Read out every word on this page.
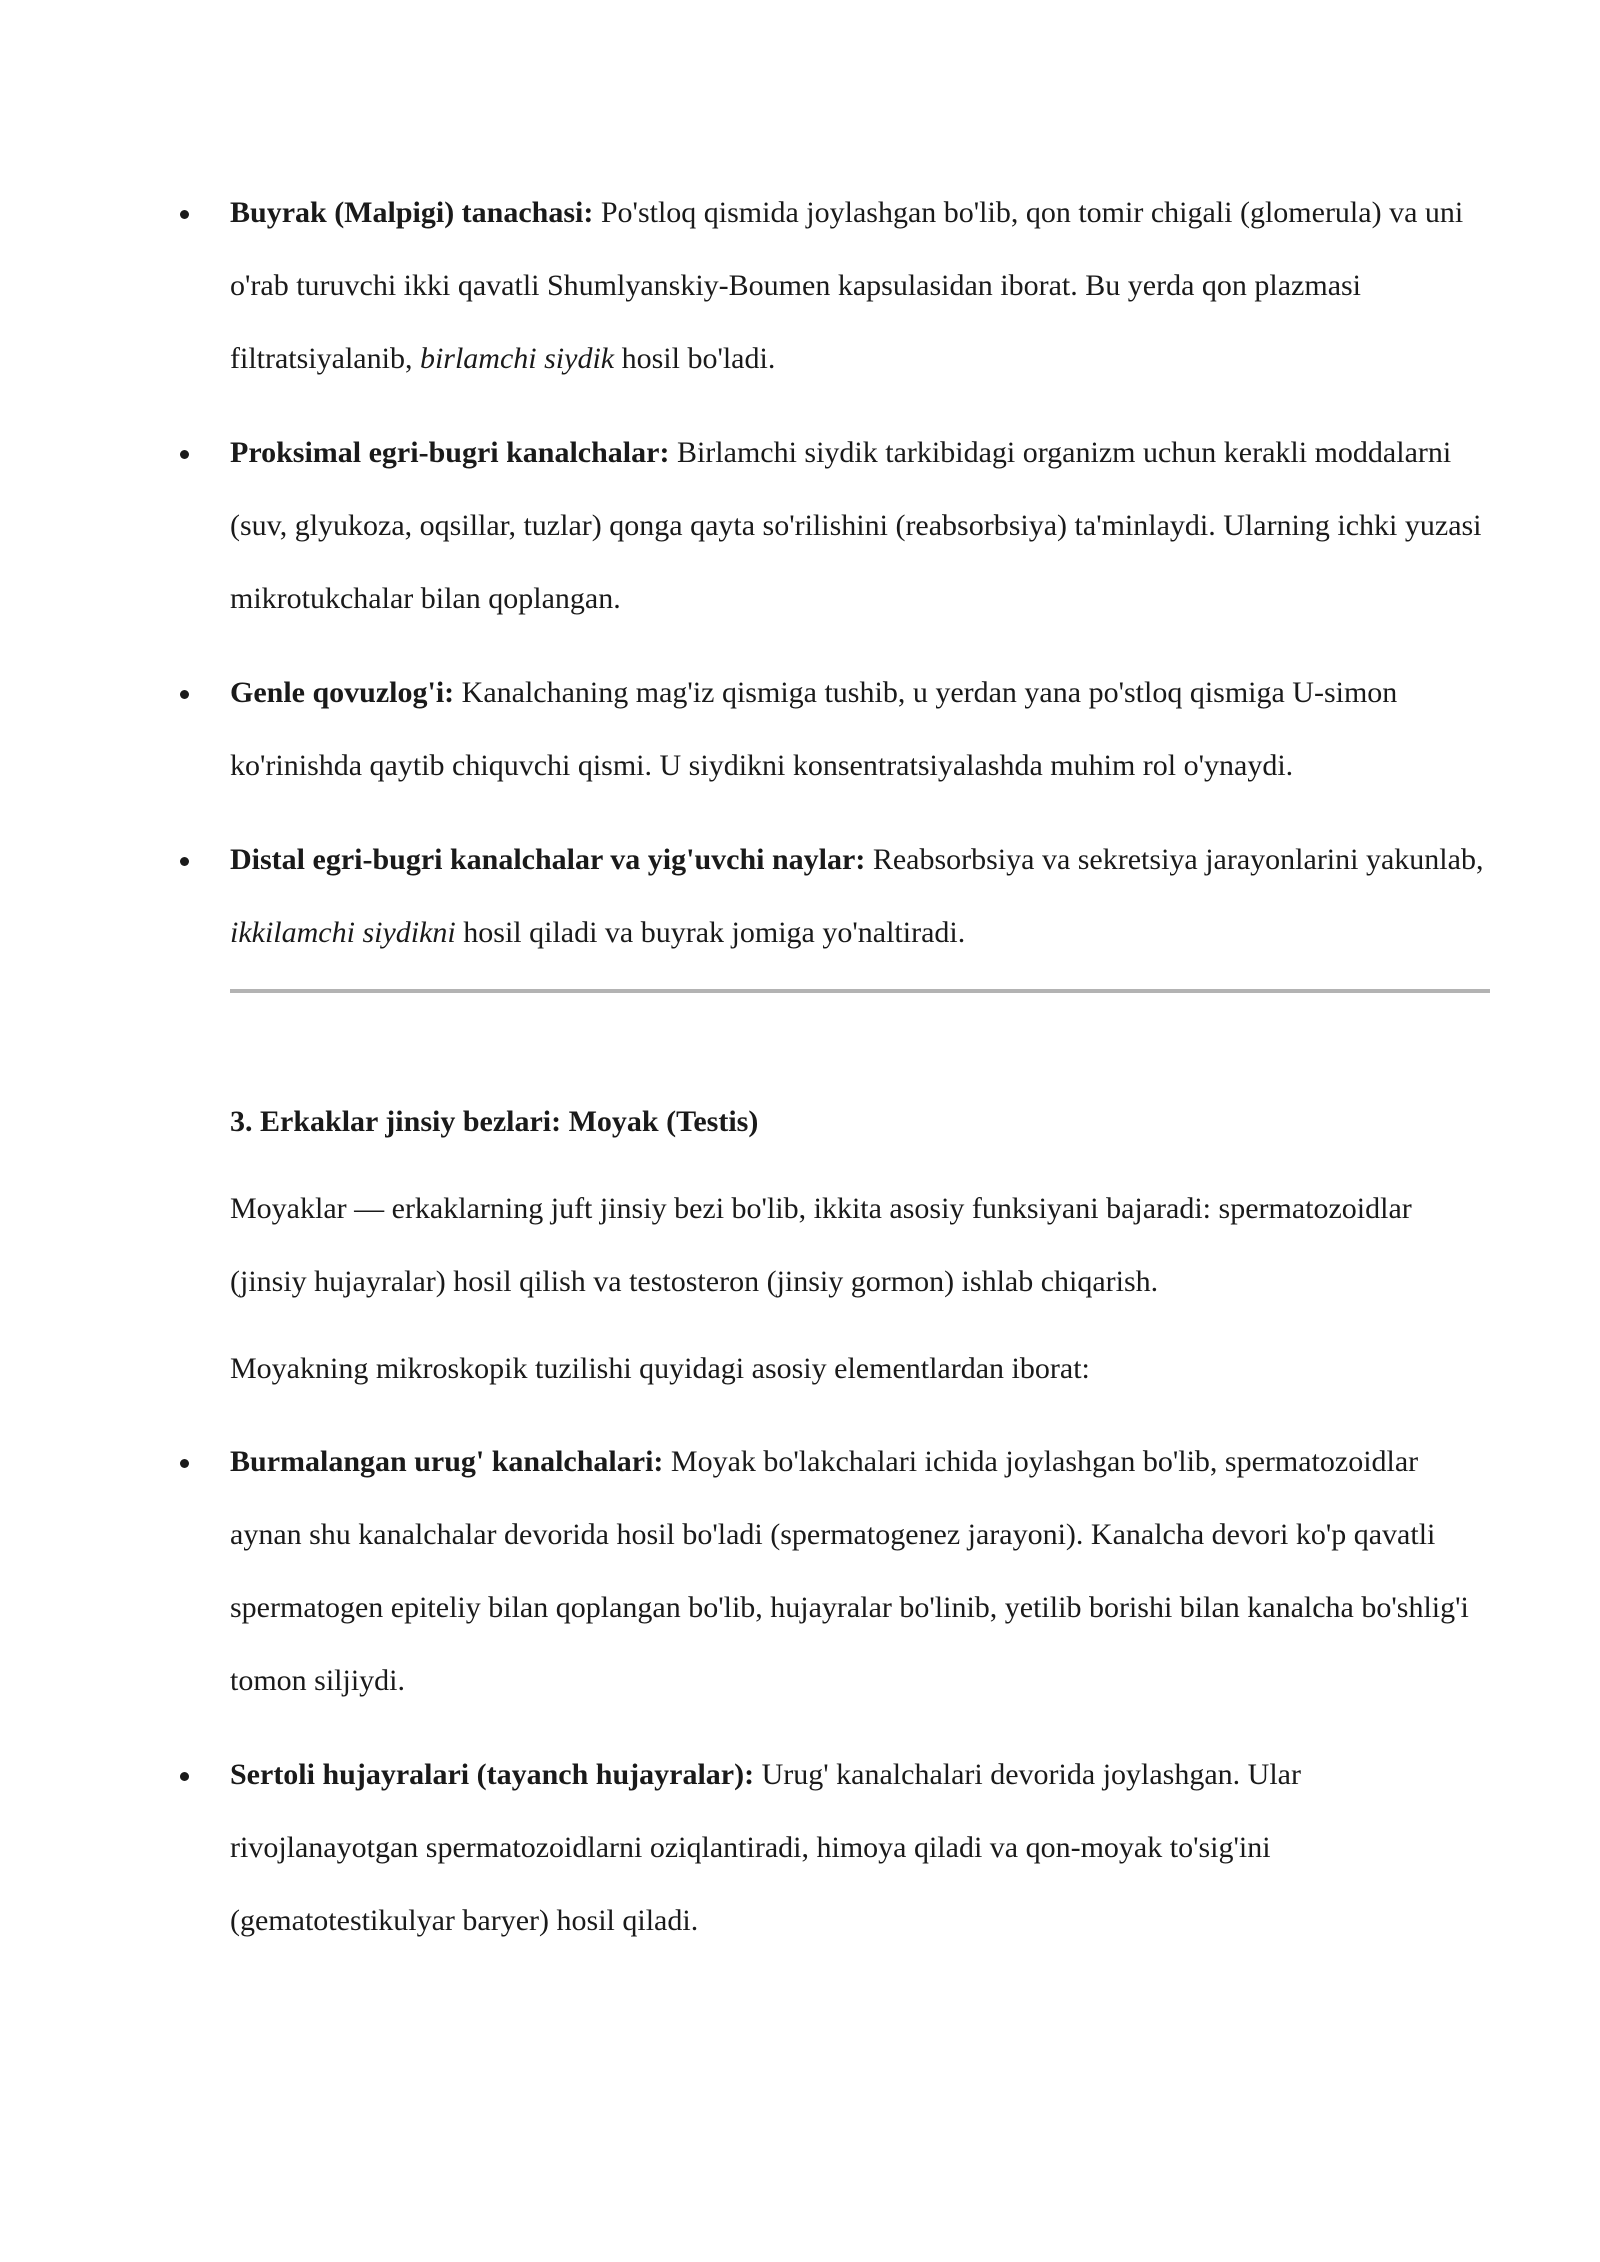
Buyrak (Malpigi) tanachasi: Po'stloq qismida joylashgan bo'lib, qon tomir chigali (glomerula) va uni o'rab turuvchi ikki qavatli Shumlyanskiy-Boumen kapsulasidan iborat. Bu yerda qon plazmasi filtratsiyalanib, birlamchi siydik hosil bo'ladi.
Proksimal egri-bugri kanalchalar: Birlamchi siydik tarkibidagi organizm uchun kerakli moddalarni (suv, glyukoza, oqsillar, tuzlar) qonga qayta so'rilishini (reabsorbsiya) ta'minlaydi. Ularning ichki yuzasi mikrotukchalar bilan qoplangan.
Genle qovuzlog'i: Kanalchaning mag'iz qismiga tushib, u yerdan yana po'stloq qismiga U-simon ko'rinishda qaytib chiquvchi qismi. U siydikni konsentratsiyalashda muhim rol o'ynaydi.
Distal egri-bugri kanalchalar va yig'uvchi naylar: Reabsorbsiya va sekretsiya jarayonlarini yakunlab, ikkilamchi siydikni hosil qiladi va buyrak jomiga yo'naltiradi.
3. Erkaklar jinsiy bezlari: Moyak (Testis)

Moyaklar — erkaklarning juft jinsiy bezi bo'lib, ikkita asosiy funksiyani bajaradi: spermatozoidlar (jinsiy hujayralar) hosil qilish va testosteron (jinsiy gormon) ishlab chiqarish.

Moyakning mikroskopik tuzilishi quyidagi asosiy elementlardan iborat:

Burmalangan urug' kanalchalari: Moyak bo'lakchalari ichida joylashgan bo'lib, spermatozoidlar aynan shu kanalchalar devorida hosil bo'ladi (spermatogenez jarayoni). Kanalcha devori ko'p qavatli spermatogen epiteliy bilan qoplangan bo'lib, hujayralar bo'linib, yetilib borishi bilan kanalcha bo'shlig'i tomon siljiydi.
Sertoli hujayralari (tayanch hujayralar): Urug' kanalchalari devorida joylashgan. Ular rivojlanayotgan spermatozoidlarni oziqlantiradi, himoya qiladi va qon-moyak to'sig'ini (gematotestikulyar baryer) hosil qiladi.
